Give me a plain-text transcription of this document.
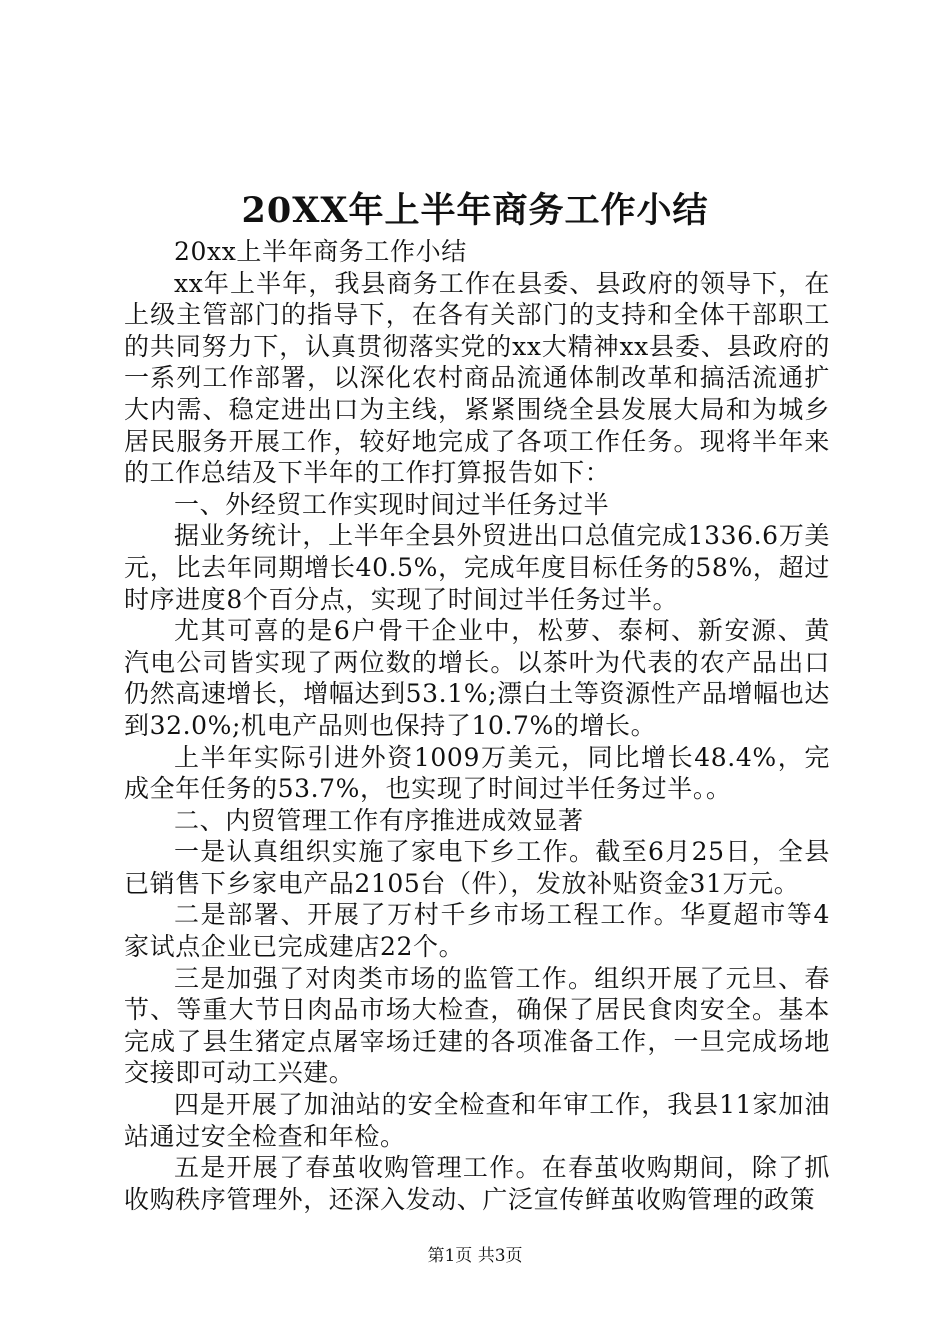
20XX年上半年商务工作小结

20xx上半年商务工作小结

xx年上半年，我县商务工作在县委、县政府的领导下，在上级主管部门的指导下，在各有关部门的支持和全体干部职工的共同努力下，认真贯彻落实党的xx大精神xx县委、县政府的一系列工作部署，以深化农村商品流通体制改革和搞活流通扩大内需、稳定进出口为主线，紧紧围绕全县发展大局和为城乡居民服务开展工作，较好地完成了各项工作任务。现将半年来的工作总结及下半年的工作打算报告如下：

一、外经贸工作实现时间过半任务过半

据业务统计，上半年全县外贸进出口总值完成1336.6万美元，比去年同期增长40.5%，完成年度目标任务的58%，超过时序进度8个百分点，实现了时间过半任务过半。

尤其可喜的是6户骨干企业中，松萝、泰柯、新安源、黄汽电公司皆实现了两位数的增长。以茶叶为代表的农产品出口仍然高速增长，增幅达到53.1%;漂白土等资源性产品增幅也达到32.0%;机电产品则也保持了10.7%的增长。

上半年实际引进外资1009万美元，同比增长48.4%，完成全年任务的53.7%，也实现了时间过半任务过半。。

二、内贸管理工作有序推进成效显著

一是认真组织实施了家电下乡工作。截至6月25日，全县已销售下乡家电产品2105台（件），发放补贴资金31万元。

二是部署、开展了万村千乡市场工程工作。华夏超市等4家试点企业已完成建店22个。

三是加强了对肉类市场的监管工作。组织开展了元旦、春节、等重大节日肉品市场大检查，确保了居民食肉安全。基本完成了县生猪定点屠宰场迁建的各项准备工作，一旦完成场地交接即可动工兴建。

四是开展了加油站的安全检查和年审工作，我县11家加油站通过安全检查和年检。

五是开展了春茧收购管理工作。在春茧收购期间，除了抓收购秩序管理外，还深入发动、广泛宣传鲜茧收购管理的政策

第1页 共3页
